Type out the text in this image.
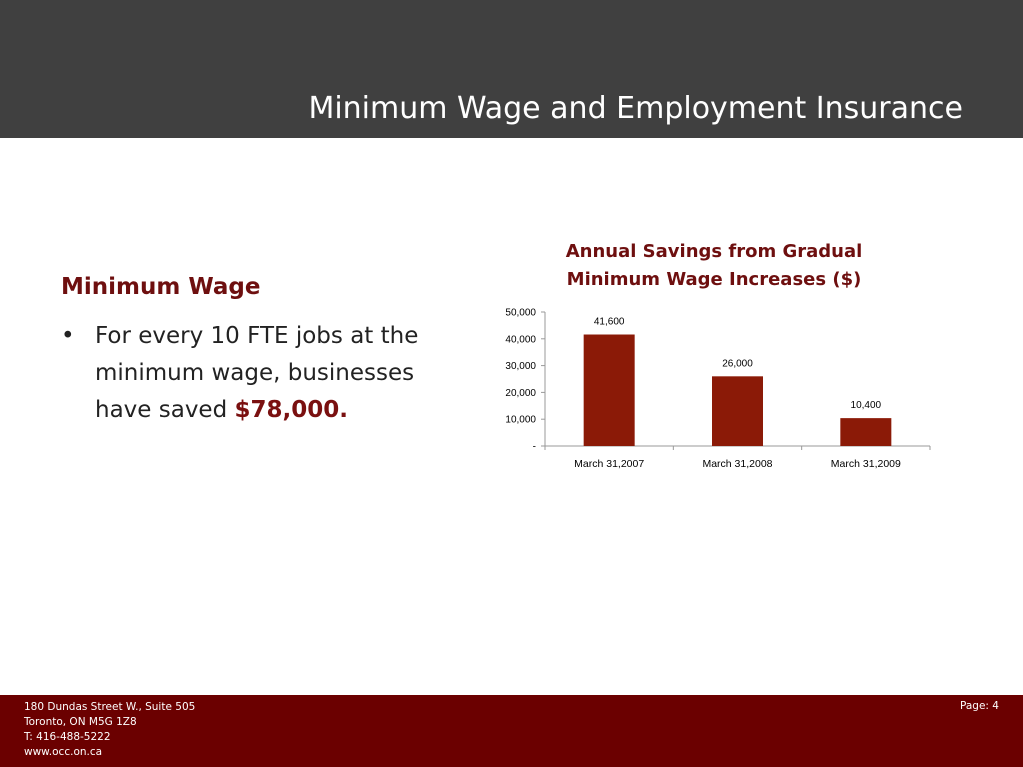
Minimum Wage and Employment Insurance
Minimum Wage
• For every 10 FTE jobs at the minimum wage, businesses have saved $78,000.
Annual Savings from Gradual Minimum Wage Increases ($)
-
10,000
20,000
30,000
40,000
50,000
41,600
March 31,2007
26,000
March 31,2008
10,400
March 31,2009
180 Dundas Street W., Suite 505
Toronto, ON M5G 1Z8
T: 416-488-5222
www.occ.on.ca
Page: 4
